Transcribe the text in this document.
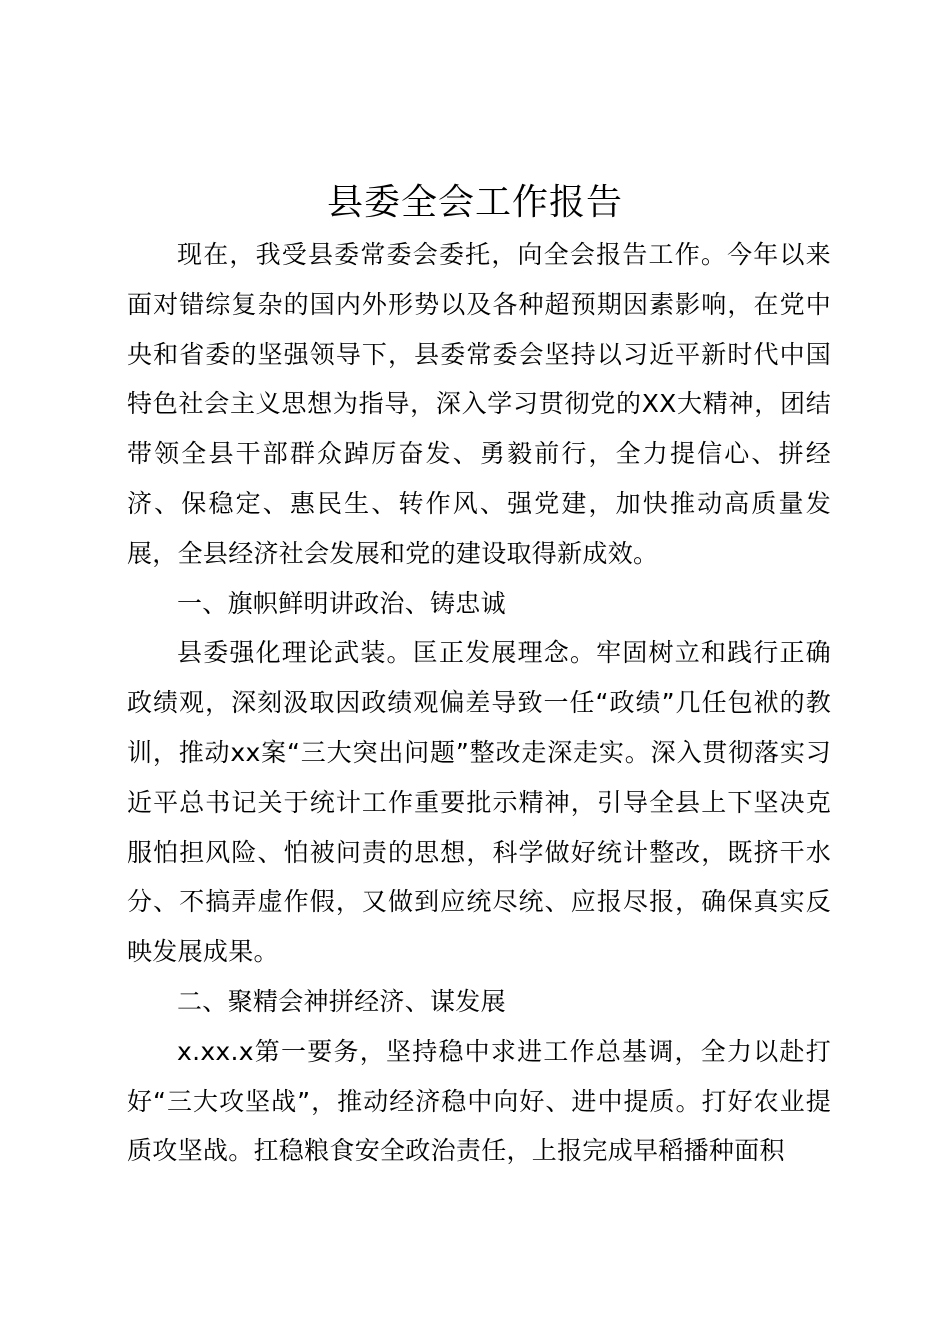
县委全会工作报告

现在，我受县委常委会委托，向全会报告工作。今年以来面对错综复杂的国内外形势以及各种超预期因素影响，在党中央和省委的坚强领导下，县委常委会坚持以习近平新时代中国特色社会主义思想为指导，深入学习贯彻党的XX大精神，团结带领全县干部群众踔厉奋发、勇毅前行，全力提信心、拼经济、保稳定、惠民生、转作风、强党建，加快推动高质量发展，全县经济社会发展和党的建设取得新成效。

一、旗帜鲜明讲政治、铸忠诚

县委强化理论武装。匡正发展理念。牢固树立和践行正确政绩观，深刻汲取因政绩观偏差导致一任“政绩”几任包袱的教训，推动xx案“三大突出问题”整改走深走实。深入贯彻落实习近平总书记关于统计工作重要批示精神，引导全县上下坚决克服怕担风险、怕被问责的思想，科学做好统计整改，既挤干水分、不搞弄虚作假，又做到应统尽统、应报尽报，确保真实反映发展成果。

二、聚精会神拼经济、谋发展

x.xx.x第一要务，坚持稳中求进工作总基调，全力以赴打好“三大攻坚战”，推动经济稳中向好、进中提质。打好农业提质攻坚战。扛稳粮食安全政治责任，上报完成早稻播种面积
